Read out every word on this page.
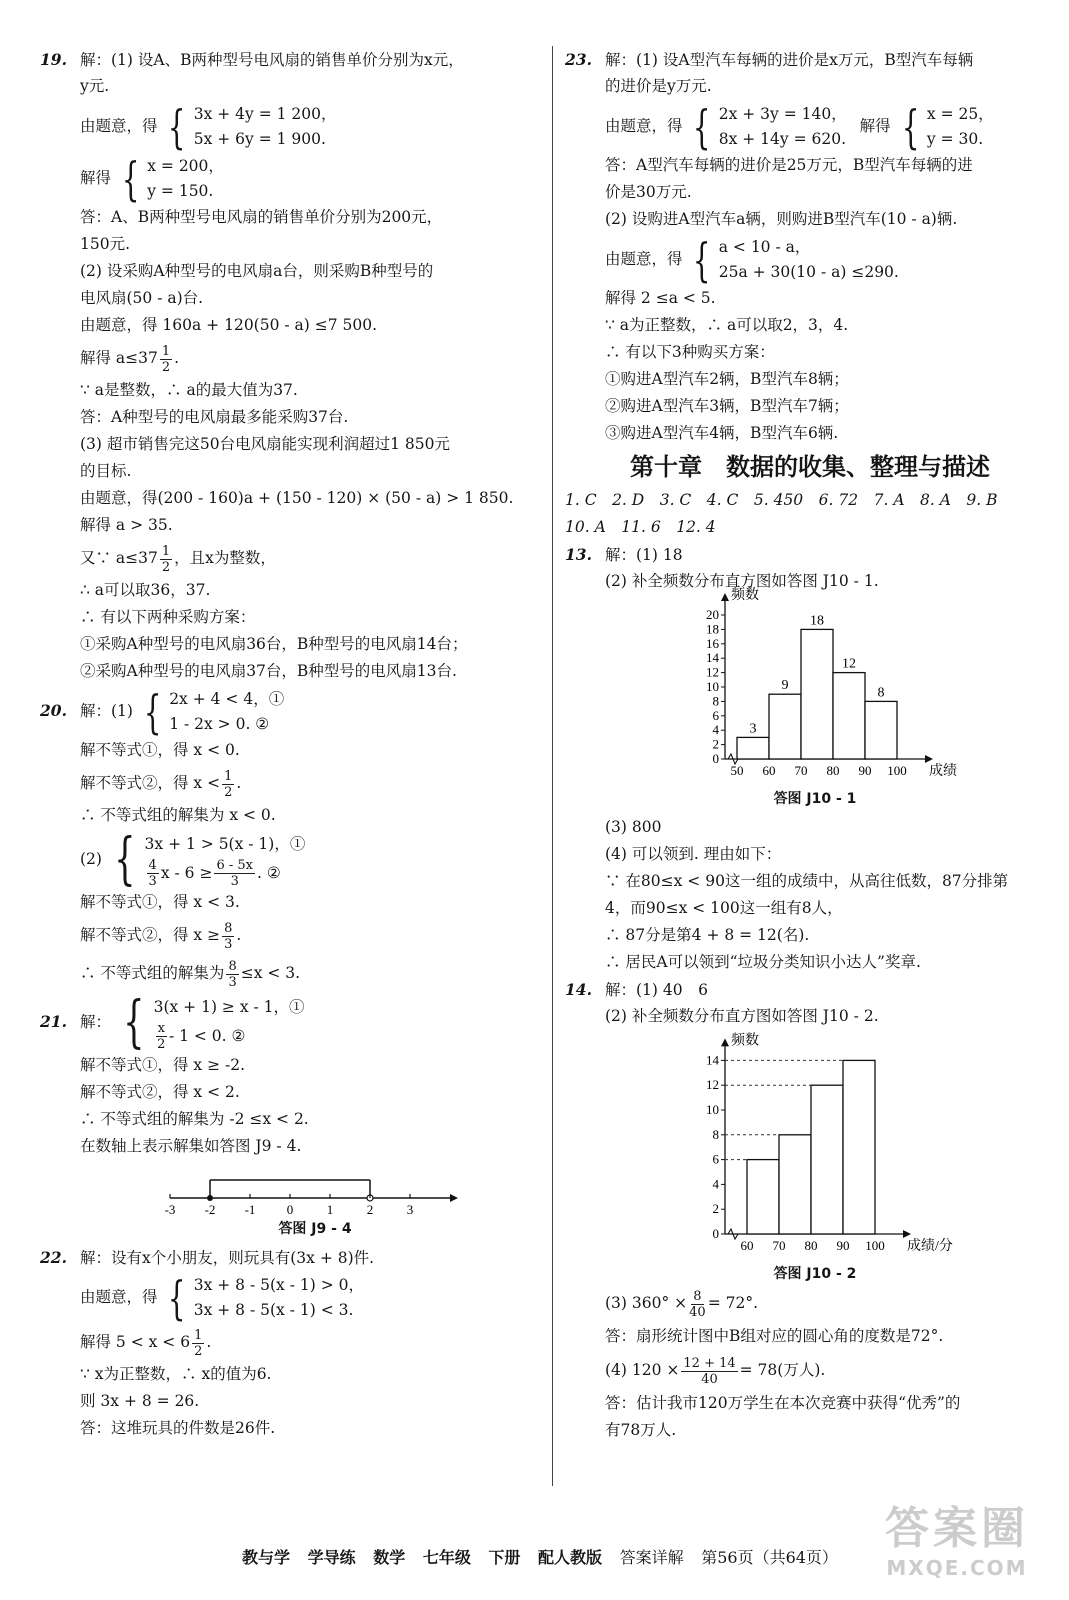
19. 解：(1) 设A、B两种型号电风扇的销售单价分别为x元，
y元.
由题意，得 { 3x + 4y = 1 200，
5x + 6y = 1 900.
解得 { x = 200，
y = 150.
答：A、B两种型号电风扇的销售单价分别为200元，
150元.
(2) 设采购A种型号的电风扇a台，则采购B种型号的
电风扇(50 - a)台.
由题意，得 160a + 120(50 - a) ≤7 500.
解得 $a\le 37 \frac{1}{2}$ .
∵ a是整数，∴ a的最大值为37.
答：A种型号的电风扇最多能采购37台.
(3) 超市销售完这50台电风扇能实现利润超过1 850元
的目标.
由题意，得(200 - 160)a + (150 - 120) × (50 - a) > 1 850.
解得 a > 35.
又∵ $a\le 37 \frac{1}{2}$ ，且x为整数，
∴ a可以取36，37.
∴ 有以下两种采购方案：
①采购A种型号的电风扇36台，B种型号的电风扇14台；
②采购A种型号的电风扇37台，B种型号的电风扇13台.
20. 解：(1) { 2x + 4 < 4，①
1 - 2x > 0. ②
解不等式①，得 x < 0.
解不等式②，得 $x < \frac{1}{2}$ .
∴ 不等式组的解集为 x < 0.
(2) { 3x + 1 > 5(x - 1)，①
$\frac{4}{3}$ $x - 6 \ge \frac{6 - 5x}{3}$ . ②
解不等式①，得 x < 3.
解不等式②，得 $x \ge \frac{8}{3}$ .
∴ 不等式组的解集为 $\frac{8}{3} \le x < 3$.
21. 解： { 3(x + 1) ≥ x - 1，①
$\frac{x}{2} - 1 < 0$. ②
解不等式①，得 x ≥ -2.
解不等式②，得 x < 2.
∴ 不等式组的解集为 -2 ≤x < 2.
在数轴上表示解集如答图 J9 - 4.
-3 -2 -1 0	1	2	3
答图 J9 - 4
22. 解：设有x个小朋友，则玩具有(3x + 8)件.
由题意，得 { 3x + 8 - 5(x - 1) > 0，
3x + 8 - 5(x - 1) < 3.
解得 $5 < x < 6 \frac{1}{2}$ .
∵ x为正整数，∴ x的值为6.
则 3x + 8 = 26.
答：这堆玩具的件数是26件.
23. 解：(1) 设A型汽车每辆的进价是x万元，B型汽车每辆
的进价是y万元.
由题意，得 { 2x + 3y = 140，
8x + 14y = 620.
解得 { x = 25，
y = 30.
答：A型汽车每辆的进价是25万元，B型汽车每辆的进
价是30万元.
(2) 设购进A型汽车a辆，则购进B型汽车(10 - a)辆.
由题意，得 { a < 10 - a，
25a + 30(10 - a) ≤290.
解得 2 ≤a < 5.
∵ a为正整数，∴ a可以取2，3，4.
∴ 有以下3种购买方案：
①购进A型汽车2辆，B型汽车8辆；
②购进A型汽车3辆，B型汽车7辆；
③购进A型汽车4辆，B型汽车6辆.
第十章　数据的收集、整理与描述
1. C　2. D　3. C　4. C　5. 450　6. 72　7. A　8. A　9. B
10. A　11. 6　12. 4
13. 解：(1) 18
(2) 补全频数分布直方图如答图 J10 - 1.
频数
成绩
0
2
4
6
8
10
12
14
16
18
20
50 60 70 80 90 100
3
9
18
12
8
答图 J10 - 1
(3) 800
(4) 可以领到. 理由如下：
∵ 在80≤x < 90这一组的成绩中，从高往低数，87分排第
4，而90≤x < 100这一组有8人，
∴ 87分是第4 + 8 = 12(名).
∴ 居民A可以领到“垃圾分类知识小达人”奖章.
14. 解：(1) 40　6
(2) 补全频数分布直方图如答图 J10 - 2.
频数
成绩/分
0
2
4
6
8
10
12
14
60 70 80 90 100
答图 J10 - 2
(3) $360^\circ \times \frac{8}{40} = 72^\circ$.
答：扇形统计图中B组对应的圆心角的度数是72°.
(4) $120 \times \frac{12 + 14}{40} = 78$(万人).
答：估计我市120万学生在本次竞赛中获得“优秀”的
有78万人.
教与学 学导练 数学 七年级 下册 配人教版 答案详解 第56页（共64页）
答案圈
MXQE.COM
